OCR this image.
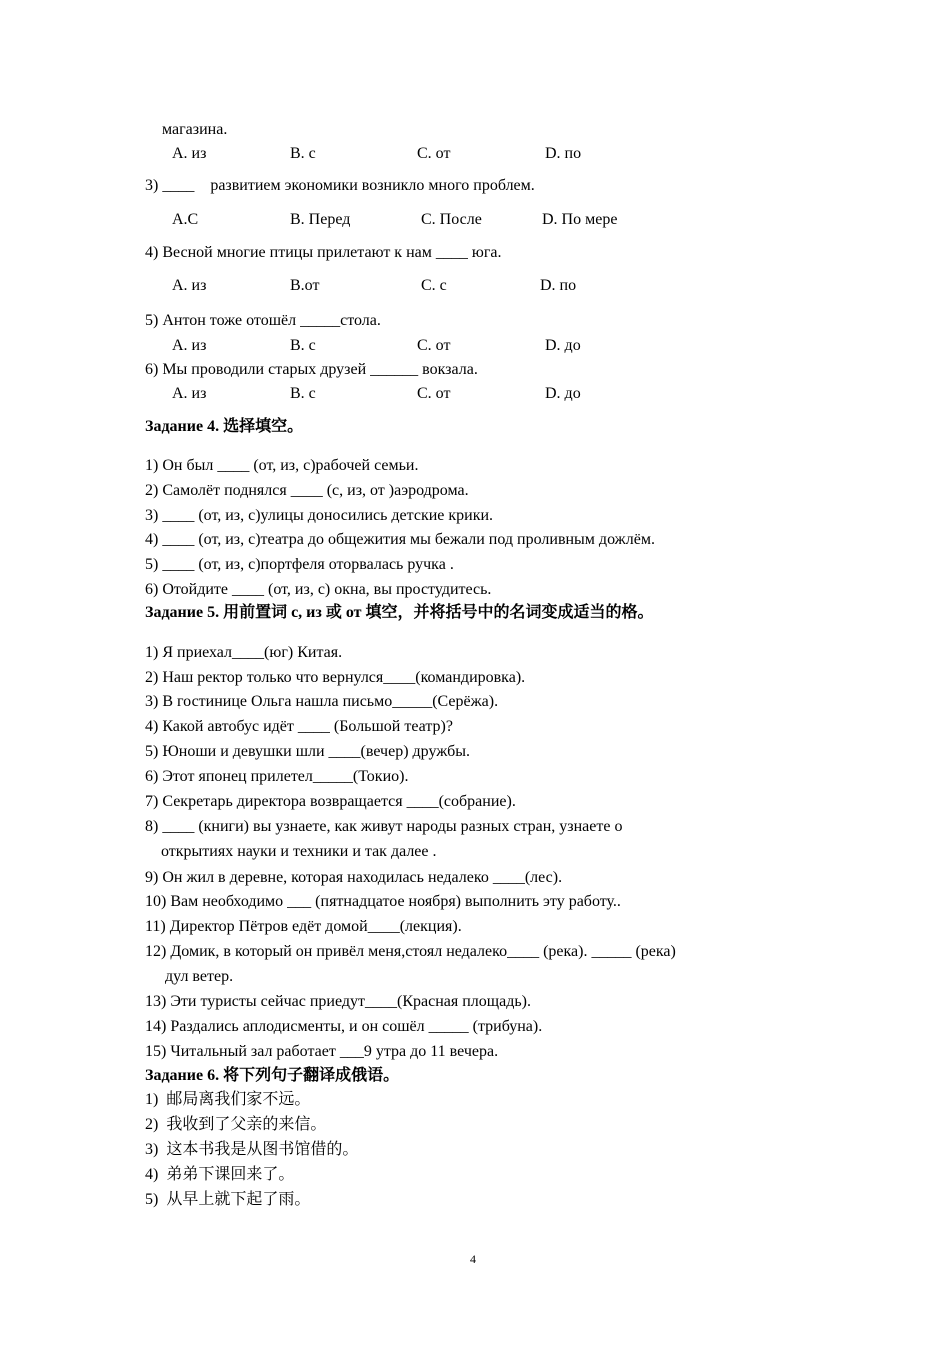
магазина.
A. из	B. с	C. от	D. по
3) ____    развитием экономики возникло много проблем.
A.C	B. Перед	C. После	D. По мере
4) Весной многие птицы прилетают к нам ____ юга.
A. из	B.от	C. с	D. по
5) Антон тоже отошёл _____стола.
A. из	B. с	C. от	D. до
6) Мы проводили старых друзей ______ вокзала.
A. из	B. с	C. от	D. до
Задание 4. 选择填空。
1) Он был ____ (от, из, с)рабочей семьи.
2) Самолёт поднялся ____ (с, из, от )аэродрома.
3) ____ (от, из, с)улицы доносились детские крики.
4) ____ (от, из, с)театра до общежития мы бежали под проливным дожлём.
5) ____ (от, из, с)портфеля оторвалась ручка .
6) Отойдите ____ (от, из, с) окна, вы простудитесь.
Задание 5. 用前置词 с, из 或 от 填空，并将括号中的名词变成适当的格。
1) Я приехал____(юг) Китая.
2) Наш ректор только что вернулся____(командировка).
3) В гостинице Ольга нашла письмо_____(Серёжа).
4) Какой автобус идёт ____ (Большой театр)?
5) Юноши и девушки шли ____(вечер) дружбы.
6) Этот японец прилетел_____(Токио).
7) Секретарь директора возвращается ____(собрание).
8) ____ (книги) вы узнаете, как живут народы разных стран, узнаете о
открытиях науки и техники и так далее .
9) Он жил в деревне, которая находилась недалеко ____(лес).
10) Вам необходимо ___ (пятнадцатое ноября) выполнить эту работу..
11) Директор Пётров едёт домой____(лекция).
12) Домик, в который он привёл меня,стоял недалеко____ (река). _____ (река)
дул ветер.
13) Эти туристы сейчас приедут____(Красная площадь).
14) Раздались аплодисменты, и он сошёл _____ (трибуна).
15) Читальный зал работает ___9 утра до 11 вечера.
Задание 6. 将下列句子翻译成俄语。
1)  邮局离我们家不远。
2)  我收到了父亲的来信。
3)  这本书我是从图书馆借的。
4)  弟弟下课回来了。
5)  从早上就下起了雨。
4
